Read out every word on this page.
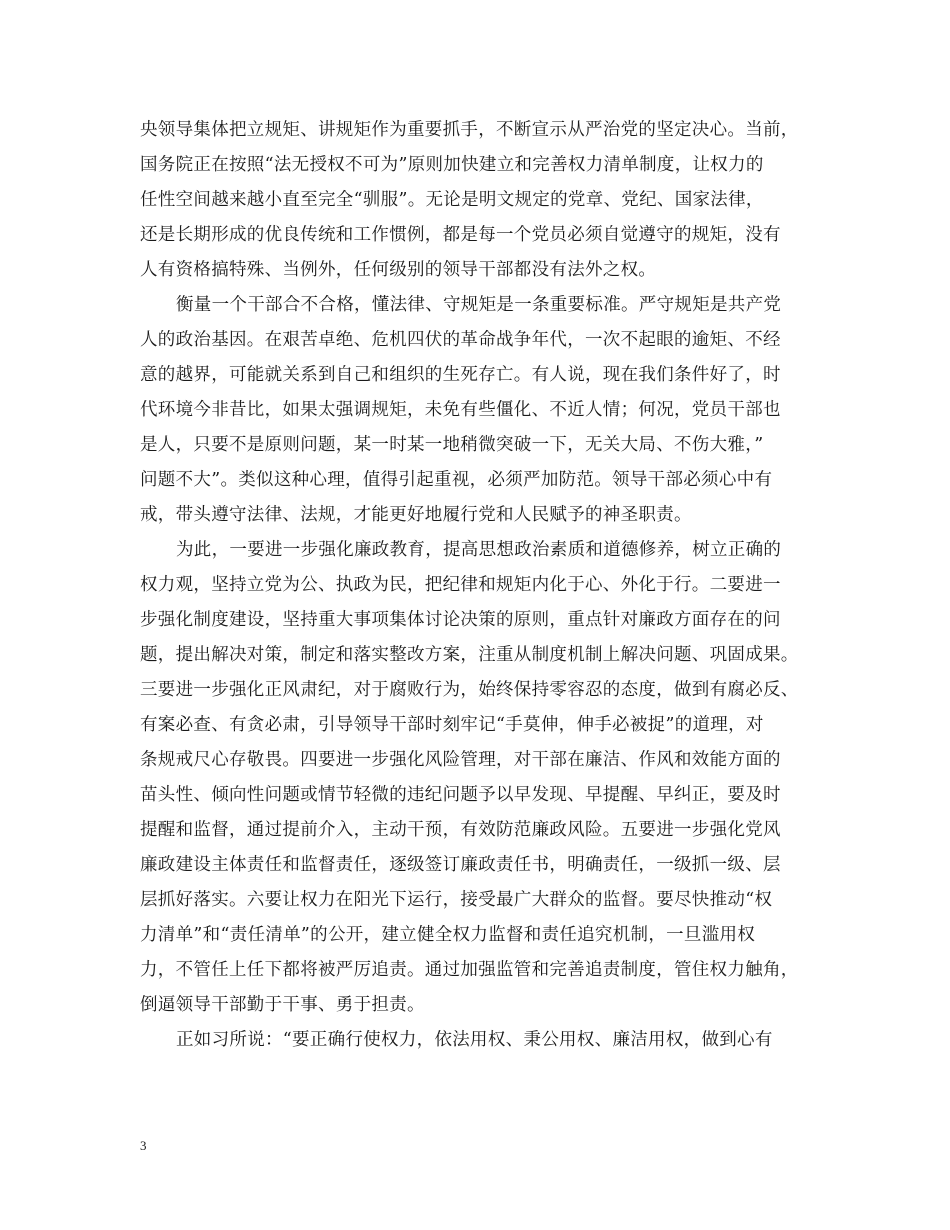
央领导集体把立规矩、讲规矩作为重要抓手，不断宣示从严治党的坚定决心。当前，
国务院正在按照“法无授权不可为”原则加快建立和完善权力清单制度，让权力的
任性空间越来越小直至完全“驯服”。无论是明文规定的党章、党纪、国家法律，
还是长期形成的优良传统和工作惯例，都是每一个党员必须自觉遵守的规矩，没有
人有资格搞特殊、当例外，任何级别的领导干部都没有法外之权。
衡量一个干部合不合格，懂法律、守规矩是一条重要标准。严守规矩是共产党
人的政治基因。在艰苦卓绝、危机四伏的革命战争年代，一次不起眼的逾矩、不经
意的越界，可能就关系到自己和组织的生死存亡。有人说，现在我们条件好了，时
代环境今非昔比，如果太强调规矩，未免有些僵化、不近人情；何况，党员干部也
是人，只要不是原则问题，某一时某一地稍微突破一下，无关大局、不伤大雅，”
问题不大”。类似这种心理，值得引起重视，必须严加防范。领导干部必须心中有
戒，带头遵守法律、法规，才能更好地履行党和人民赋予的神圣职责。
为此，一要进一步强化廉政教育，提高思想政治素质和道德修养，树立正确的
权力观，坚持立党为公、执政为民，把纪律和规矩内化于心、外化于行。二要进一
步强化制度建设，坚持重大事项集体讨论决策的原则，重点针对廉政方面存在的问
题，提出解决对策，制定和落实整改方案，注重从制度机制上解决问题、巩固成果。
三要进一步强化正风肃纪，对于腐败行为，始终保持零容忍的态度，做到有腐必反、
有案必查、有贪必肃，引导领导干部时刻牢记“手莫伸，伸手必被捉”的道理，对
条规戒尺心存敬畏。四要进一步强化风险管理，对干部在廉洁、作风和效能方面的
苗头性、倾向性问题或情节轻微的违纪问题予以早发现、早提醒、早纠正，要及时
提醒和监督，通过提前介入，主动干预，有效防范廉政风险。五要进一步强化党风
廉政建设主体责任和监督责任，逐级签订廉政责任书，明确责任，一级抓一级、层
层抓好落实。六要让权力在阳光下运行，接受最广大群众的监督。要尽快推动“权
力清单”和“责任清单”的公开，建立健全权力监督和责任追究机制，一旦滥用权
力，不管任上任下都将被严厉追责。通过加强监管和完善追责制度，管住权力触角，
倒逼领导干部勤于干事、勇于担责。
正如习所说：“要正确行使权力，依法用权、秉公用权、廉洁用权，做到心有
3
